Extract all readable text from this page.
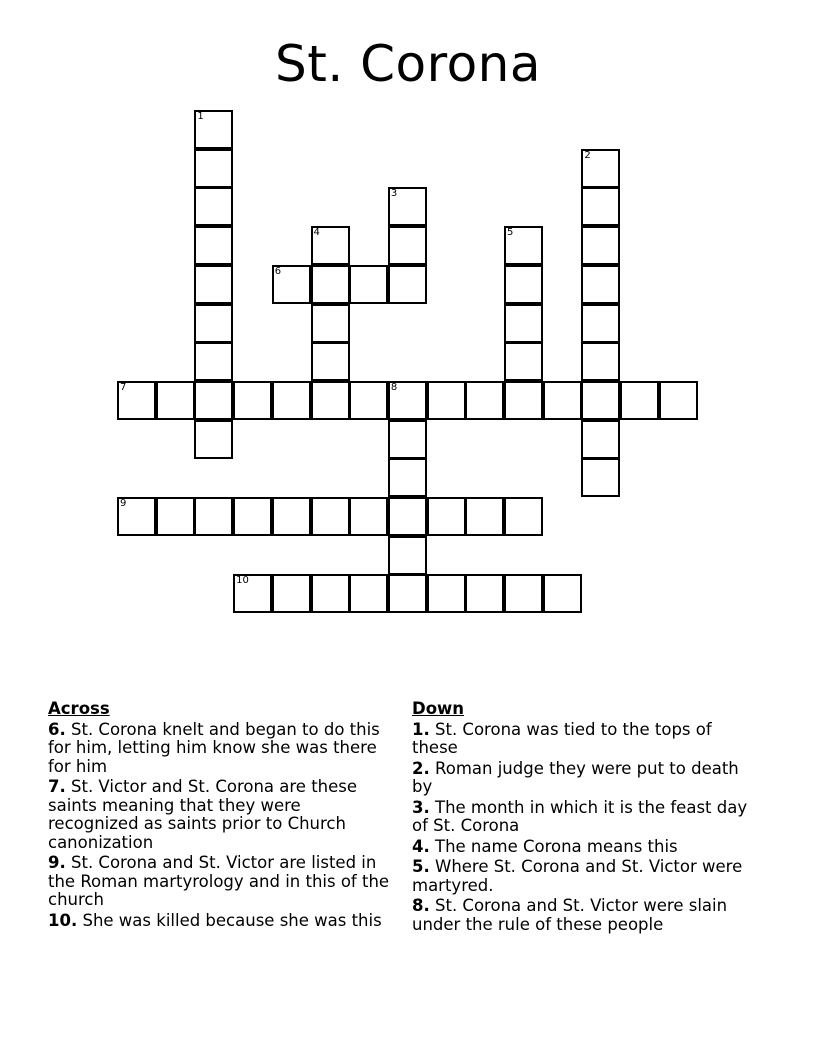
St. Corona
1
2
3
4	5
6
7	8
9
10
Across
6. St. Corona knelt and began to do this for him, letting him know she was there for him
7. St. Victor and St. Corona are these saints meaning that they were recognized as saints prior to Church canonization
9. St. Corona and St. Victor are listed in the Roman martyrology and in this of the church
10. She was killed because she was this
Down
1. St. Corona was tied to the tops of these
2. Roman judge they were put to death by
3. The month in which it is the feast day of St. Corona
4. The name Corona means this
5. Where St. Corona and St. Victor were martyred.
8. St. Corona and St. Victor were slain under the rule of these people
